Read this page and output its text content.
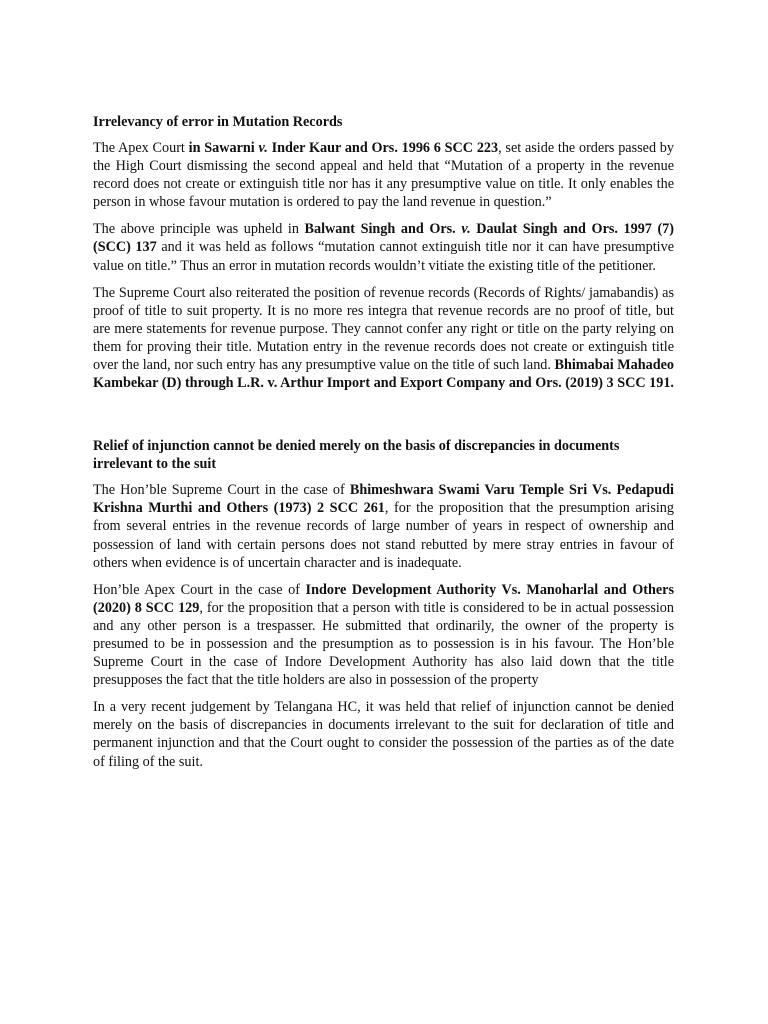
Irrelevancy of error in Mutation Records

The Apex Court in Sawarni v. Inder Kaur and Ors. 1996 6 SCC 223, set aside the orders passed by the High Court dismissing the second appeal and held that “Mutation of a property in the revenue record does not create or extinguish title nor has it any presumptive value on title. It only enables the person in whose favour mutation is ordered to pay the land revenue in question.”

The above principle was upheld in Balwant Singh and Ors. v. Daulat Singh and Ors. 1997 (7) (SCC) 137 and it was held as follows “mutation cannot extinguish title nor it can have presumptive value on title.” Thus an error in mutation records wouldn’t vitiate the existing title of the petitioner.

The Supreme Court also reiterated the position of revenue records (Records of Rights/ jamabandis) as proof of title to suit property. It is no more res integra that revenue records are no proof of title, but are mere statements for revenue purpose. They cannot confer any right or title on the party relying on them for proving their title. Mutation entry in the revenue records does not create or extinguish title over the land, nor such entry has any presumptive value on the title of such land. Bhimabai Mahadeo Kambekar (D) through L.R. v. Arthur Import and Export Company and Ors. (2019) 3 SCC 191.

Relief of injunction cannot be denied merely on the basis of discrepancies in documents irrelevant to the suit

The Hon’ble Supreme Court in the case of Bhimeshwara Swami Varu Temple Sri Vs. Pedapudi Krishna Murthi and Others (1973) 2 SCC 261, for the proposition that the presumption arising from several entries in the revenue records of large number of years in respect of ownership and possession of land with certain persons does not stand rebutted by mere stray entries in favour of others when evidence is of uncertain character and is inadequate.

Hon’ble Apex Court in the case of Indore Development Authority Vs. Manoharlal and Others (2020) 8 SCC 129, for the proposition that a person with title is considered to be in actual possession and any other person is a trespasser. He submitted that ordinarily, the owner of the property is presumed to be in possession and the presumption as to possession is in his favour. The Hon’ble Supreme Court in the case of Indore Development Authority has also laid down that the title presupposes the fact that the title holders are also in possession of the property

In a very recent judgement by Telangana HC, it was held that relief of injunction cannot be denied merely on the basis of discrepancies in documents irrelevant to the suit for declaration of title and permanent injunction and that the Court ought to consider the possession of the parties as of the date of filing of the suit.
